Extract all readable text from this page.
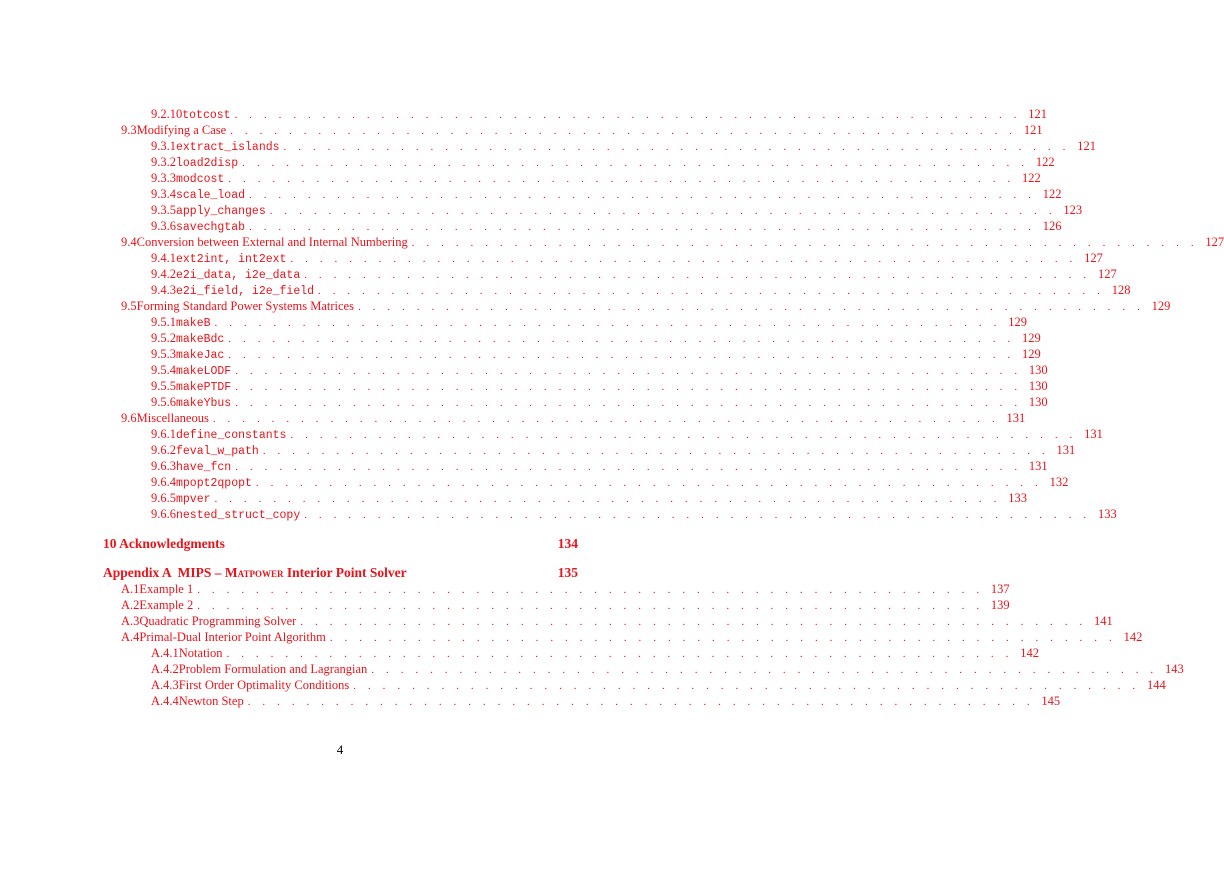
9.2.10 totcost . . . . . . . . . . . . . . . . . . . . . . . . . . . . . . . . . . . . . . . . . . . . . . . . . . . . . . 121
9.3 Modifying a Case . . . . . . . . . . . . . . . . . . . . . . . . . . . . . . . . . . . . . . . . . . . . . . . . . . . . . . 121
9.3.1 extract_islands . . . . . . . . . . . . . . . . . . . . . . . . . . . . . . . . . . . . . . . . . . . . . . . . . . . . . . 121
9.3.2 load2disp . . . . . . . . . . . . . . . . . . . . . . . . . . . . . . . . . . . . . . . . . . . . . . . . . . . . . . 122
9.3.3 modcost . . . . . . . . . . . . . . . . . . . . . . . . . . . . . . . . . . . . . . . . . . . . . . . . . . . . . . 122
9.3.4 scale_load . . . . . . . . . . . . . . . . . . . . . . . . . . . . . . . . . . . . . . . . . . . . . . . . . . . . . . 122
9.3.5 apply_changes . . . . . . . . . . . . . . . . . . . . . . . . . . . . . . . . . . . . . . . . . . . . . . . . . . . . . . 123
9.3.6 savechgtab . . . . . . . . . . . . . . . . . . . . . . . . . . . . . . . . . . . . . . . . . . . . . . . . . . . . . . 126
9.4 Conversion between External and Internal Numbering . . . . . . . . . . . . . . . . . . . . . . . . . . . . . . . . . . . . . . . . . . . . . . . . . . . . . . 127
9.4.1 ext2int, int2ext . . . . . . . . . . . . . . . . . . . . . . . . . . . . . . . . . . . . . . . . . . . . . . . . . . . . . . 127
9.4.2 e2i_data, i2e_data . . . . . . . . . . . . . . . . . . . . . . . . . . . . . . . . . . . . . . . . . . . . . . . . . . . . . . 127
9.4.3 e2i_field, i2e_field . . . . . . . . . . . . . . . . . . . . . . . . . . . . . . . . . . . . . . . . . . . . . . . . . . . . . . 128
9.5 Forming Standard Power Systems Matrices . . . . . . . . . . . . . . . . . . . . . . . . . . . . . . . . . . . . . . . . . . . . . . . . . . . . . . 129
9.5.1 makeB . . . . . . . . . . . . . . . . . . . . . . . . . . . . . . . . . . . . . . . . . . . . . . . . . . . . . . 129
9.5.2 makeBdc . . . . . . . . . . . . . . . . . . . . . . . . . . . . . . . . . . . . . . . . . . . . . . . . . . . . . . 129
9.5.3 makeJac . . . . . . . . . . . . . . . . . . . . . . . . . . . . . . . . . . . . . . . . . . . . . . . . . . . . . . 129
9.5.4 makeLODF . . . . . . . . . . . . . . . . . . . . . . . . . . . . . . . . . . . . . . . . . . . . . . . . . . . . . . 130
9.5.5 makePTDF . . . . . . . . . . . . . . . . . . . . . . . . . . . . . . . . . . . . . . . . . . . . . . . . . . . . . . 130
9.5.6 makeYbus . . . . . . . . . . . . . . . . . . . . . . . . . . . . . . . . . . . . . . . . . . . . . . . . . . . . . . 130
9.6 Miscellaneous . . . . . . . . . . . . . . . . . . . . . . . . . . . . . . . . . . . . . . . . . . . . . . . . . . . . . . 131
9.6.1 define_constants . . . . . . . . . . . . . . . . . . . . . . . . . . . . . . . . . . . . . . . . . . . . . . . . . . . . . . 131
9.6.2 feval_w_path . . . . . . . . . . . . . . . . . . . . . . . . . . . . . . . . . . . . . . . . . . . . . . . . . . . . . . 131
9.6.3 have_fcn . . . . . . . . . . . . . . . . . . . . . . . . . . . . . . . . . . . . . . . . . . . . . . . . . . . . . . 131
9.6.4 mpopt2qpopt . . . . . . . . . . . . . . . . . . . . . . . . . . . . . . . . . . . . . . . . . . . . . . . . . . . . . . 132
9.6.5 mpver . . . . . . . . . . . . . . . . . . . . . . . . . . . . . . . . . . . . . . . . . . . . . . . . . . . . . . 133
9.6.6 nested_struct_copy . . . . . . . . . . . . . . . . . . . . . . . . . . . . . . . . . . . . . . . . . . . . . . . . . . . . . . 133
10 Acknowledgments	134
Appendix A  MIPS – Matpower Interior Point Solver	135
A.1 Example 1 . . . . . . . . . . . . . . . . . . . . . . . . . . . . . . . . . . . . . . . . . . . . . . . . . . . . . . 137
A.2 Example 2 . . . . . . . . . . . . . . . . . . . . . . . . . . . . . . . . . . . . . . . . . . . . . . . . . . . . . . 139
A.3 Quadratic Programming Solver . . . . . . . . . . . . . . . . . . . . . . . . . . . . . . . . . . . . . . . . . . . . . . . . . . . . . . 141
A.4 Primal-Dual Interior Point Algorithm . . . . . . . . . . . . . . . . . . . . . . . . . . . . . . . . . . . . . . . . . . . . . . . . . . . . . . 142
A.4.1 Notation . . . . . . . . . . . . . . . . . . . . . . . . . . . . . . . . . . . . . . . . . . . . . . . . . . . . . . 142
A.4.2 Problem Formulation and Lagrangian . . . . . . . . . . . . . . . . . . . . . . . . . . . . . . . . . . . . . . . . . . . . . . . . . . . . . . 143
A.4.3 First Order Optimality Conditions . . . . . . . . . . . . . . . . . . . . . . . . . . . . . . . . . . . . . . . . . . . . . . . . . . . . . . 144
A.4.4 Newton Step . . . . . . . . . . . . . . . . . . . . . . . . . . . . . . . . . . . . . . . . . . . . . . . . . . . . . . 145
4
